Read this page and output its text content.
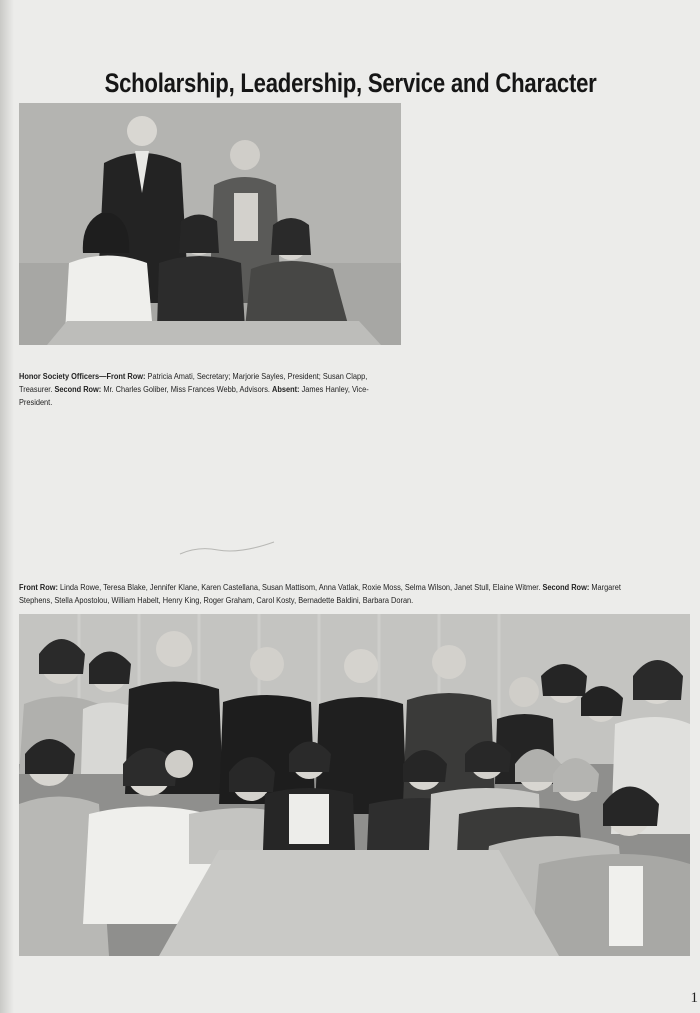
Scholarship, Leadership, Service and Character

Honor Society Officers—Front Row: Patricia Amati, Secretary; Marjorie Sayles, President; Susan Clapp, Treasurer. Second Row: Mr. Charles Goliber, Miss Frances Webb, Advisors. Absent: James Hanley, Vice-President.

Front Row: Linda Rowe, Teresa Blake, Jennifer Klane, Karen Castellana, Susan Mattisom, Anna Vatlak, Roxie Moss, Selma Wilson, Janet Stull, Elaine Witmer. Second Row: Margaret
Stephens, Stella Apostolou, William Habelt, Henry King, Roger Graham, Carol Kosty, Bernadette Baldini, Barbara Doran.

1
